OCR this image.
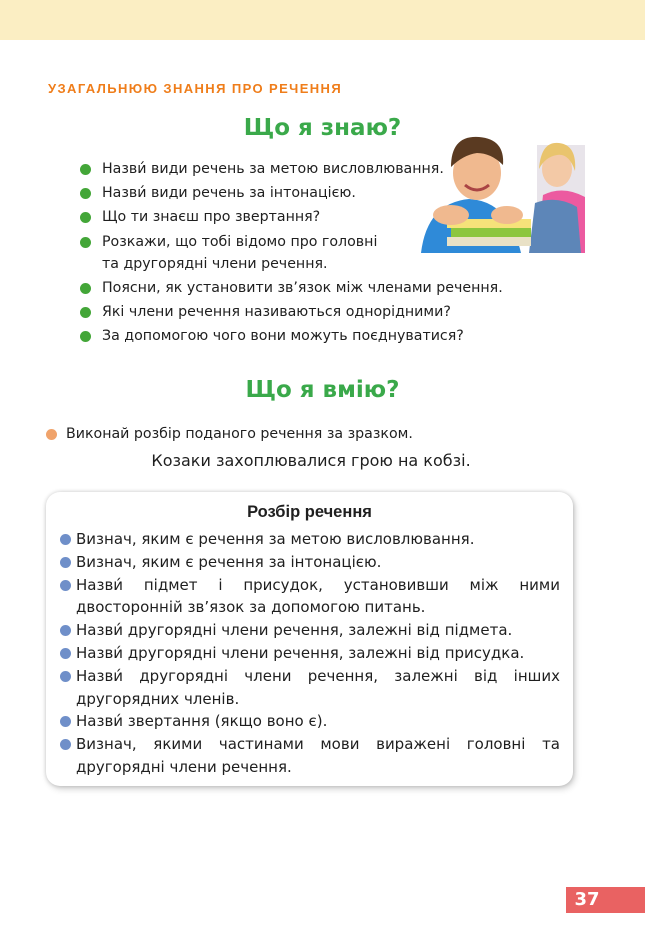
УЗАГАЛЬНЮЮ ЗНАННЯ ПРО РЕЧЕННЯ
Що я знаю?
Назви́ види речень за метою висловлювання.
Назви́ види речень за інтонацією.
Що ти знаєш про звертання?
Розкажи, що тобі відомо про головні
та другорядні члени речення.
Поясни, як установити зв’язок між членами речення.
Які члени речення називаються однорідними?
За допомогою чого вони можуть поєднуватися?
Що я вмію?
Виконай розбір поданого речення за зразком.
Козаки захоплювалися грою на кобзі.
Розбір речення
Визнач, яким є речення за метою висловлювання.
Визнач, яким є речення за інтонацією.
Назви́ підмет і присудок, установивши між ними двосторонній зв’язок за допомогою питань.
Назви́ другорядні члени речення, залежні від підмета.
Назви́ другорядні члени речення, залежні від присудка.
Назви́ другорядні члени речення, залежні від інших другорядних членів.
Назви́ звертання (якщо воно є).
Визнач, якими частинами мови виражені головні та другорядні члени речення.
37
